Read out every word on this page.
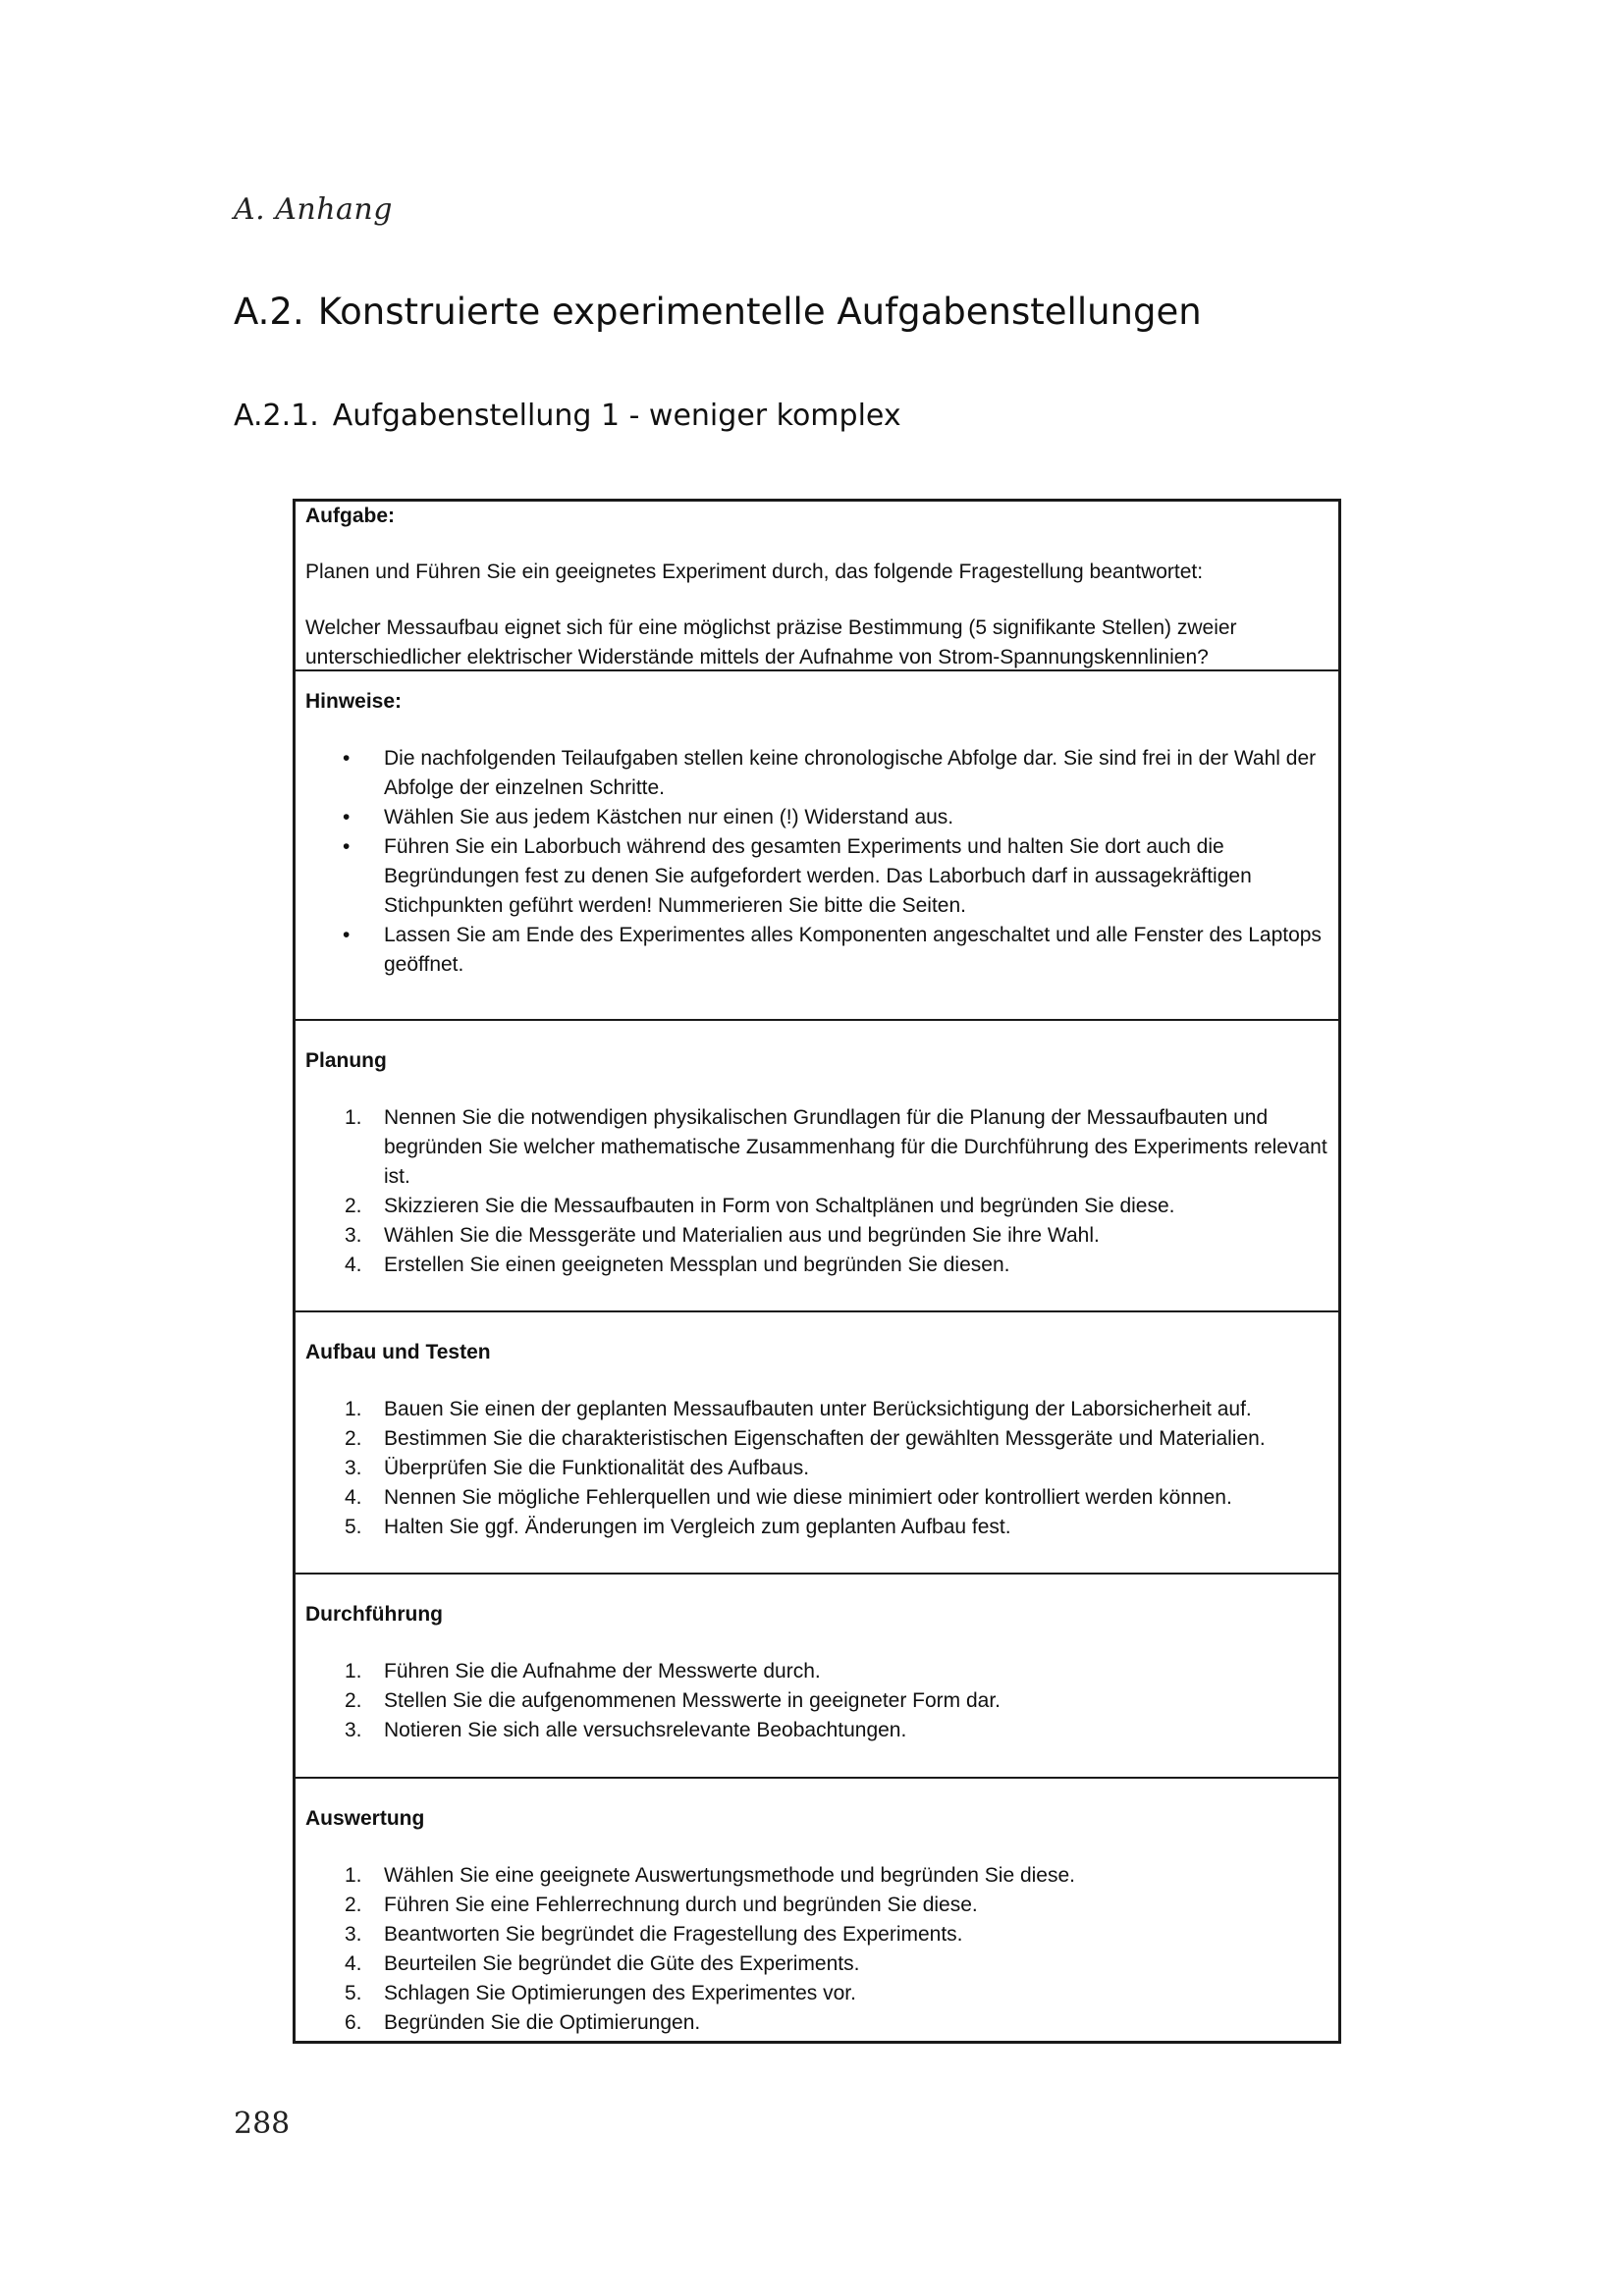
A. Anhang
A.2. Konstruierte experimentelle Aufgabenstellungen
A.2.1. Aufgabenstellung 1 - weniger komplex
Aufgabe:

Planen und Führen Sie ein geeignetes Experiment durch, das folgende Fragestellung beantwortet:

Welcher Messaufbau eignet sich für eine möglichst präzise Bestimmung (5 signifikante Stellen) zweier unterschiedlicher elektrischer Widerstände mittels der Aufnahme von Strom-Spannungskennlinien?

Hinweise:
• Die nachfolgenden Teilaufgaben stellen keine chronologische Abfolge dar. Sie sind frei in der Wahl der Abfolge der einzelnen Schritte.
• Wählen Sie aus jedem Kästchen nur einen (!) Widerstand aus.
• Führen Sie ein Laborbuch während des gesamten Experiments und halten Sie dort auch die Begründungen fest zu denen Sie aufgefordert werden. Das Laborbuch darf in aussagekräftigen Stichpunkten geführt werden! Nummerieren Sie bitte die Seiten.
• Lassen Sie am Ende des Experimentes alles Komponenten angeschaltet und alle Fenster des Laptops geöffnet.
Planung
1. Nennen Sie die notwendigen physikalischen Grundlagen für die Planung der Messaufbauten und begründen Sie welcher mathematische Zusammenhang für die Durchführung des Experiments relevant ist.
2. Skizzieren Sie die Messaufbauten in Form von Schaltplänen und begründen Sie diese.
3. Wählen Sie die Messgeräte und Materialien aus und begründen Sie ihre Wahl.
4. Erstellen Sie einen geeigneten Messplan und begründen Sie diesen.
Aufbau und Testen
1. Bauen Sie einen der geplanten Messaufbauten unter Berücksichtigung der Laborsicherheit auf.
2. Bestimmen Sie die charakteristischen Eigenschaften der gewählten Messgeräte und Materialien.
3. Überprüfen Sie die Funktionalität des Aufbaus.
4. Nennen Sie mögliche Fehlerquellen und wie diese minimiert oder kontrolliert werden können.
5. Halten Sie ggf. Änderungen im Vergleich zum geplanten Aufbau fest.
Durchführung
1. Führen Sie die Aufnahme der Messwerte durch.
2. Stellen Sie die aufgenommenen Messwerte in geeigneter Form dar.
3. Notieren Sie sich alle versuchsrelevante Beobachtungen.
Auswertung
1. Wählen Sie eine geeignete Auswertungsmethode und begründen Sie diese.
2. Führen Sie eine Fehlerrechnung durch und begründen Sie diese.
3. Beantworten Sie begründet die Fragestellung des Experiments.
4. Beurteilen Sie begründet die Güte des Experiments.
5. Schlagen Sie Optimierungen des Experimentes vor.
6. Begründen Sie die Optimierungen.
288
